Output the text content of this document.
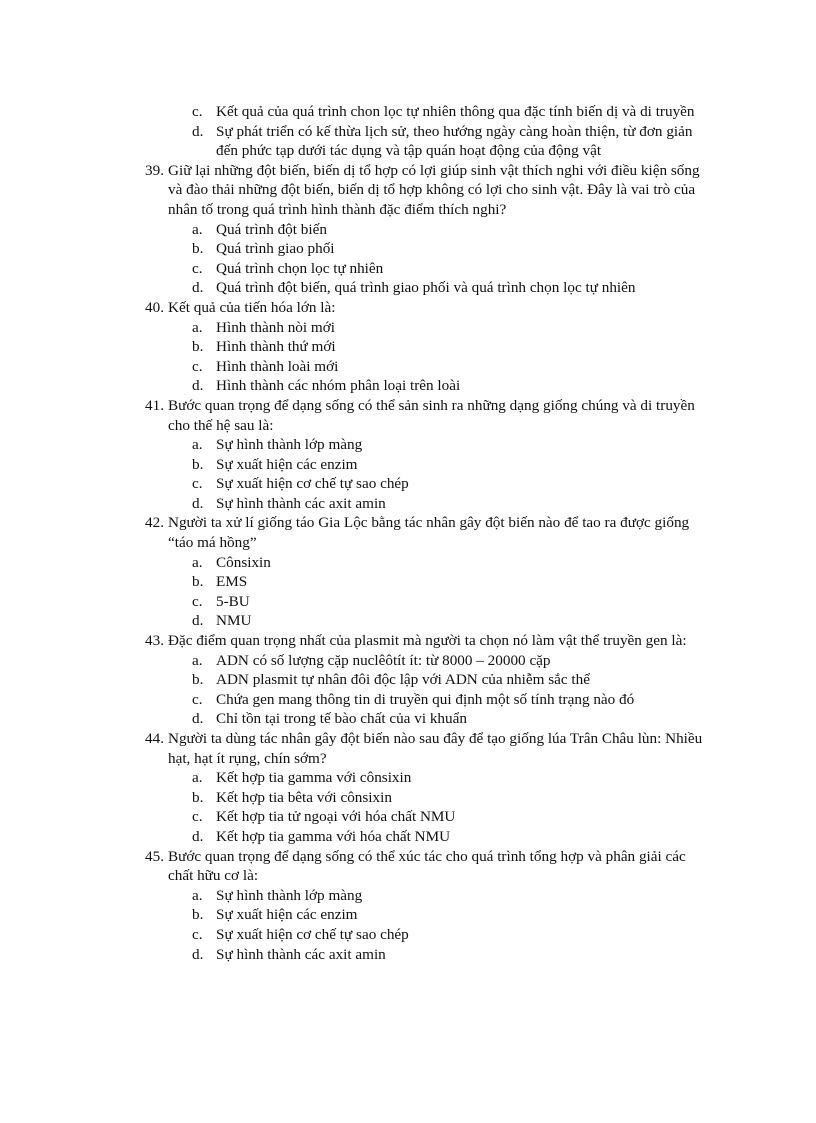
c. Kết quả của quá trình chon lọc tự nhiên thông qua đặc tính biến dị và di truyền
d. Sự phát triển có kế thừa lịch sử, theo hướng ngày càng hoàn thiện, từ đơn giản đến phức tạp dưới tác dụng và tập quán hoạt động của động vật
39. Giữ lại những đột biến, biến dị tổ hợp có lợi giúp sinh vật thích nghi với điều kiện sống và đào thải những đột biến, biến dị tổ hợp không có lợi cho sinh vật. Đây là vai trò của nhân tố trong quá trình hình thành đặc điểm thích nghi?
a. Quá trình đột biến
b. Quá trình giao phối
c. Quá trình chọn lọc tự nhiên
d. Quá trình đột biến, quá trình giao phối và quá trình chọn lọc tự nhiên
40. Kết quả của tiến hóa lớn là:
a. Hình thành nòi mới
b. Hình thành thứ mới
c. Hình thành loài mới
d. Hình thành các nhóm phân loại trên loài
41. Bước quan trọng để dạng sống có thể sản sinh ra những dạng giống chúng và di truyền cho thế hệ sau là:
a. Sự hình thành lớp màng
b. Sự xuất hiện các enzim
c. Sự xuất hiện cơ chế tự sao chép
d. Sự hình thành các axit amin
42. Người ta xử lí giống táo Gia Lộc bằng tác nhân gây đột biến nào để tao ra được giống “táo má hồng”
a. Cônsixin
b. EMS
c. 5-BU
d. NMU
43. Đặc điểm quan trọng nhất của plasmit mà người ta chọn nó làm vật thể truyền gen là:
a. ADN có số lượng cặp nuclêôtít ít: từ 8000 – 20000 cặp
b. ADN plasmit tự nhân đôi độc lập với ADN của nhiễm sắc thể
c. Chứa gen mang thông tin di truyền qui định một số tính trạng nào đó
d. Chỉ tồn tại trong tế bào chất của vi khuẩn
44. Người ta dùng tác nhân gây đột biến nào sau đây để tạo giống lúa Trân Châu lùn: Nhiều hạt, hạt ít rụng, chín sớm?
a. Kết hợp tia gamma với cônsixin
b. Kết hợp tia bêta với cônsixin
c. Kết hợp tia tử ngoại với hóa chất NMU
d. Kết hợp tia gamma với hóa chất NMU
45. Bước quan trọng để dạng sống có thể xúc tác cho quá trình tổng hợp và phân giải các chất hữu cơ là:
a. Sự hình thành lớp màng
b. Sự xuất hiện các enzim
c. Sự xuất hiện cơ chế tự sao chép
d. Sự hình thành các axit amin
